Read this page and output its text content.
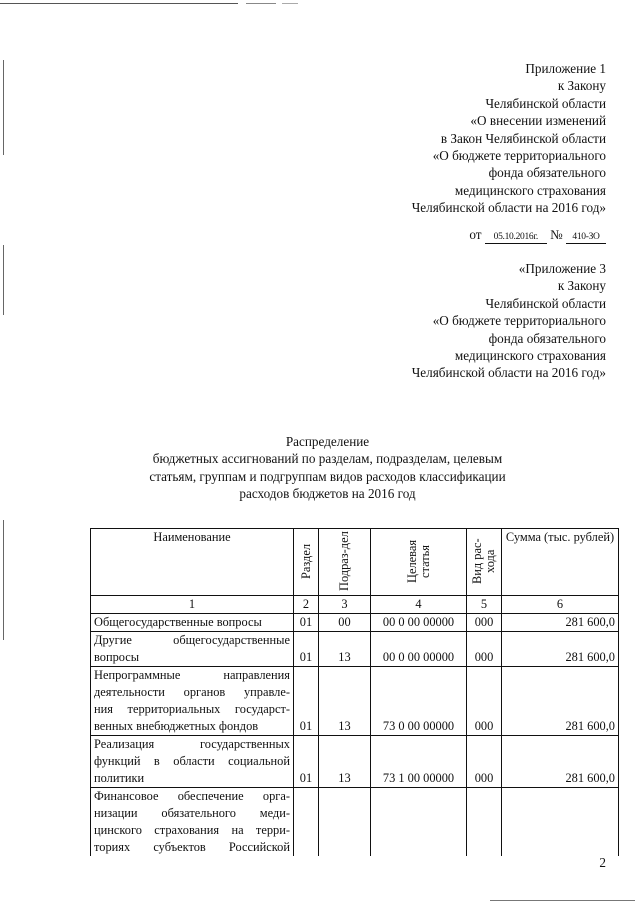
Приложение 1
к Закону
Челябинской области
«О внесении изменений
в Закон Челябинской области
«О бюджете территориального
фонда обязательного
медицинского страхования
Челябинской области на 2016 год»
от 05.10.2016г. № 410-ЗО
«Приложение 3
к Закону
Челябинской области
«О бюджете территориального
фонда обязательного
медицинского страхования
Челябинской области на 2016 год»
Распределение
бюджетных ассигнований по разделам, подразделам, целевым
статьям, группам и подгруппам видов расходов классификации
расходов бюджетов на 2016 год
Наименование	Раздел	Подраз-дел	Целевая статья	Вид рас-хода	Сумма (тыс. рублей)
1	2	3	4	5	6
Общегосударственные вопросы	01	00	00 0 00 00000	000	281 600,0

Другие общегосударственные
вопросы	01	13	00 0 00 00000	000	281 600,0

Непрограммные направления
деятельности органов управле-
ния территориальных государст-
венных внебюджетных фондов	01	13	73 0 00 00000	000	281 600,0

Реализация государственных
функций в области социальной
политики	01	13	73 1 00 00000	000	281 600,0

Финансовое обеспечение орга-
низации обязательного меди-
цинского страхования на терри-
ториях субъектов Российской					

2
